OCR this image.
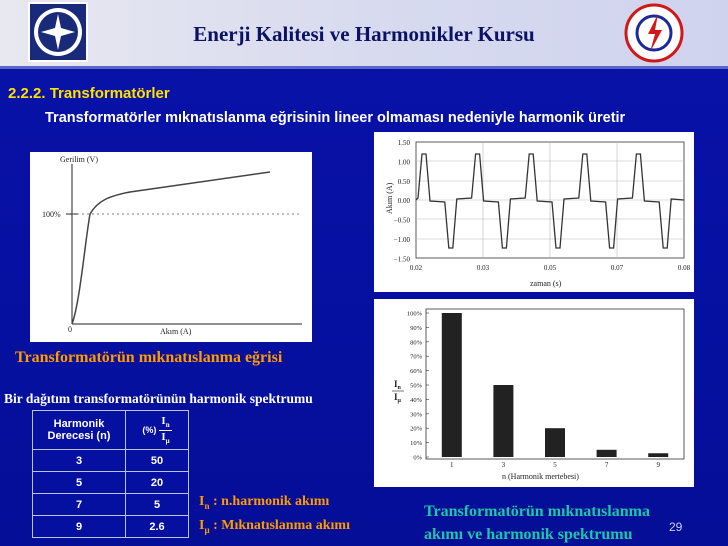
Enerji Kalitesi ve Harmonikler Kursu
2.2.2. Transformatörler
Transformatörler mıknatıslanma eğrisinin lineer olmaması nedeniyle harmonik üretir
Gerilim (V)
100%
0	Akım (A)
Transformatörün mıknatıslanma eğrisi
1.50
1.00
0.50
0.00
−0.50
−1.00
−1.50
0.02	0.03	0.05	0.07	0.08
Akım (A)
zaman (s)
100%
90%
80%
70%
60%
50%
40%
30%
20%
10%
0%
1	3	5	7	9
$I_n$
$I_\mu$
n (Harmonik mertebesi)
Bir dağıtım transformatörünün harmonik spektrumu
Harmonik Derecesi (n)	(%)
$I_n$
$I_\mu$

3	50
5	20
7	5
9	2.6
$I_n$ : n.harmonik akımı
$I_\mu$ : Mıknatıslanma akımı
Transformatörün mıknatıslanma
akımı ve harmonik spektrumu	29
